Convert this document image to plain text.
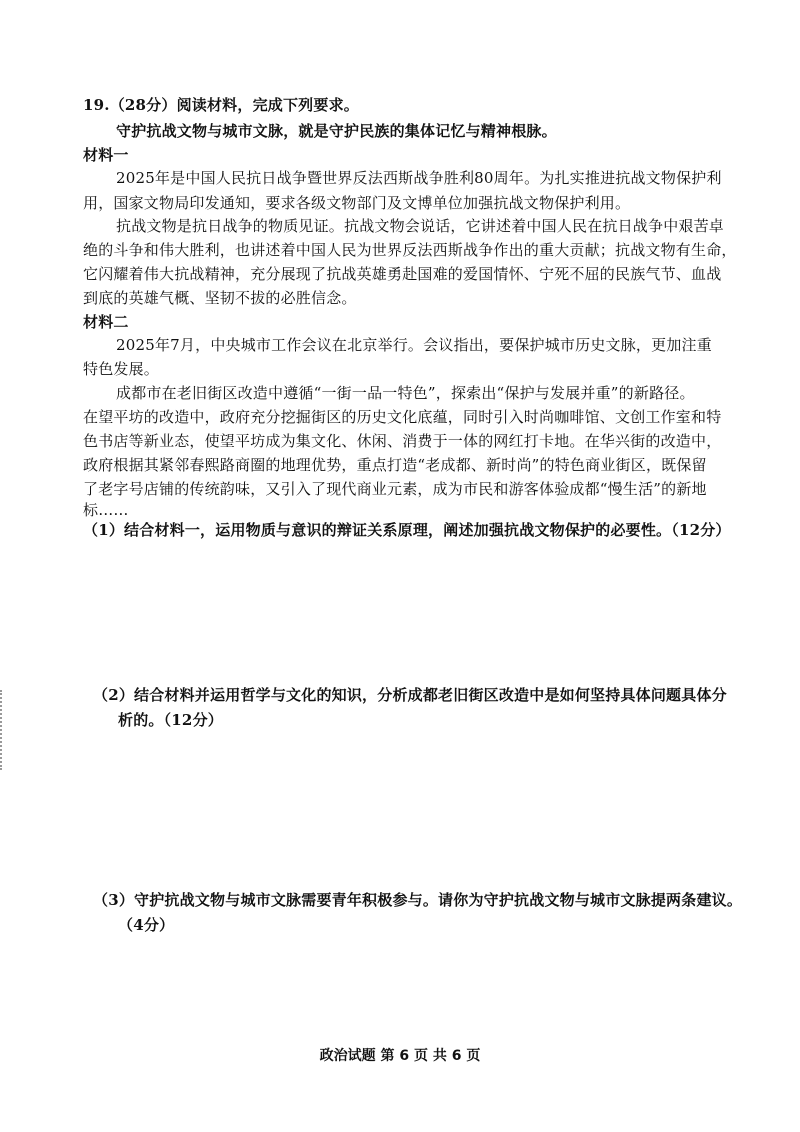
19.（28分）阅读材料，完成下列要求。
守护抗战文物与城市文脉，就是守护民族的集体记忆与精神根脉。
材料一
2025年是中国人民抗日战争暨世界反法西斯战争胜利80周年。为扎实推进抗战文物保护利
用，国家文物局印发通知，要求各级文物部门及文博单位加强抗战文物保护利用。
抗战文物是抗日战争的物质见证。抗战文物会说话，它讲述着中国人民在抗日战争中艰苦卓
绝的斗争和伟大胜利，也讲述着中国人民为世界反法西斯战争作出的重大贡献；抗战文物有生命，
它闪耀着伟大抗战精神，充分展现了抗战英雄勇赴国难的爱国情怀、宁死不屈的民族气节、血战
到底的英雄气概、坚韧不拔的必胜信念。
材料二
2025年7月，中央城市工作会议在北京举行。会议指出，要保护城市历史文脉，更加注重
特色发展。
成都市在老旧街区改造中遵循“一街一品一特色”，探索出“保护与发展并重”的新路径。
在望平坊的改造中，政府充分挖掘街区的历史文化底蕴，同时引入时尚咖啡馆、文创工作室和特
色书店等新业态，使望平坊成为集文化、休闲、消费于一体的网红打卡地。在华兴街的改造中，
政府根据其紧邻春熙路商圈的地理优势，重点打造“老成都、新时尚”的特色商业街区，既保留
了老字号店铺的传统韵味，又引入了现代商业元素，成为市民和游客体验成都“慢生活”的新地
标……
（1）结合材料一，运用物质与意识的辩证关系原理，阐述加强抗战文物保护的必要性。（12分）
（2）结合材料并运用哲学与文化的知识，分析成都老旧街区改造中是如何坚持具体问题具体分
析的。（12分）
（3）守护抗战文物与城市文脉需要青年积极参与。请你为守护抗战文物与城市文脉提两条建议。
（4分）
政治试题 第 6 页 共 6 页
